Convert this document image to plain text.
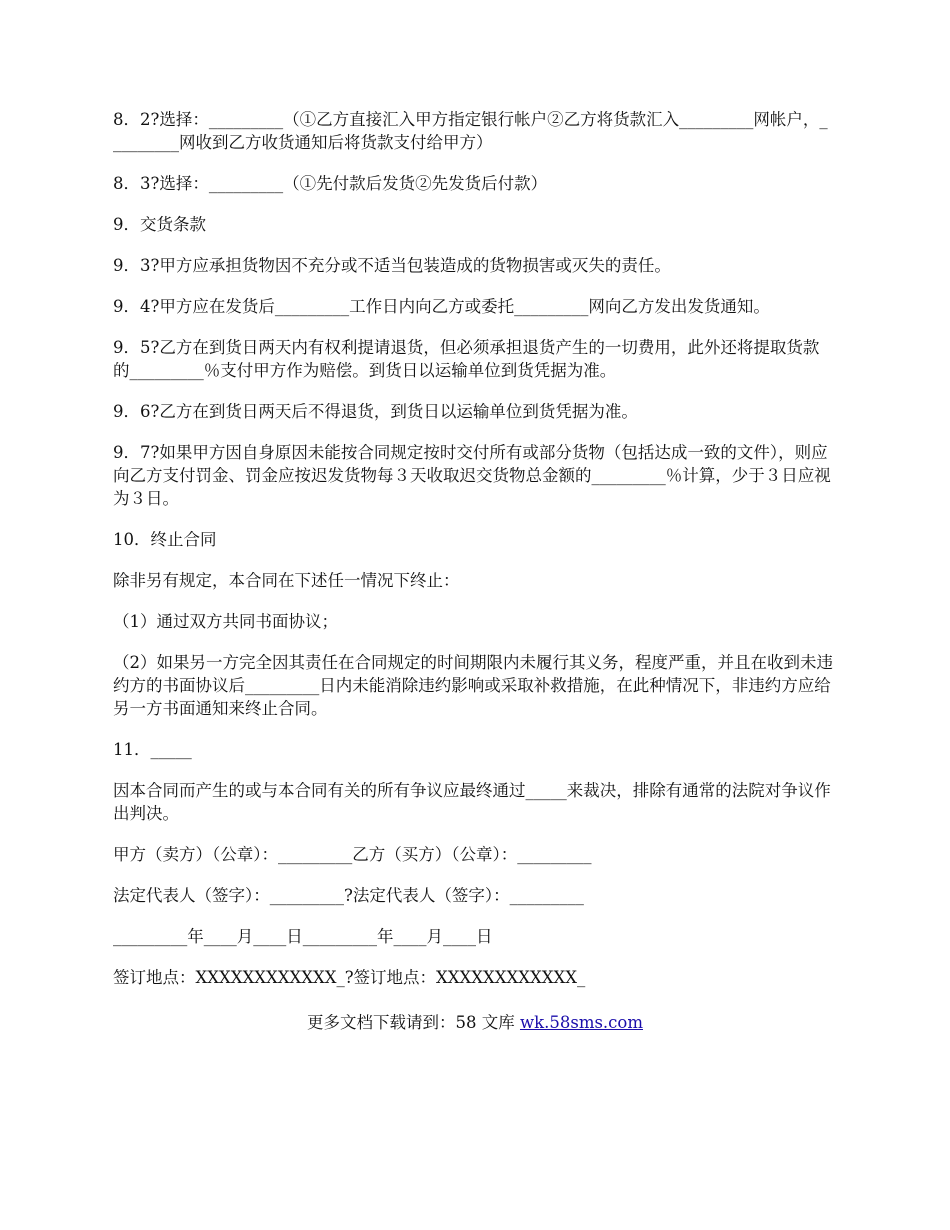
8．2?选择：_________（①乙方直接汇入甲方指定银行帐户②乙方将货款汇入_________网帐户，_________网收到乙方收货通知后将货款支付给甲方）

8．3?选择：_________（①先付款后发货②先发货后付款）

9．交货条款

9．3?甲方应承担货物因不充分或不适当包装造成的货物损害或灭失的责任。

9．4?甲方应在发货后_________工作日内向乙方或委托_________网向乙方发出发货通知。

9．5?乙方在到货日两天内有权利提请退货，但必须承担退货产生的一切费用，此外还将提取货款的_________％支付甲方作为赔偿。到货日以运输单位到货凭据为准。

9．6?乙方在到货日两天后不得退货，到货日以运输单位到货凭据为准。

9．7?如果甲方因自身原因未能按合同规定按时交付所有或部分货物（包括达成一致的文件），则应向乙方支付罚金、罚金应按迟发货物每３天收取迟交货物总金额的_________％计算，少于３日应视为３日。

10．终止合同

除非另有规定，本合同在下述任一情况下终止：

（1）通过双方共同书面协议；

（2）如果另一方完全因其责任在合同规定的时间期限内未履行其义务，程度严重，并且在收到未违约方的书面协议后_________日内未能消除违约影响或采取补救措施，在此种情况下，非违约方应给另一方书面通知来终止合同。

11．_____

因本合同而产生的或与本合同有关的所有争议应最终通过_____来裁决，排除有通常的法院对争议作出判决。

甲方（卖方）（公章）：_________乙方（买方）（公章）：_________

法定代表人（签字）：_________?法定代表人（签字）：_________

_________年____月____日_________年____月____日

签订地点：XXXXXXXXXXXX_?签订地点：XXXXXXXXXXXX_

更多文档下载请到：58 文库 wk.58sms.com
